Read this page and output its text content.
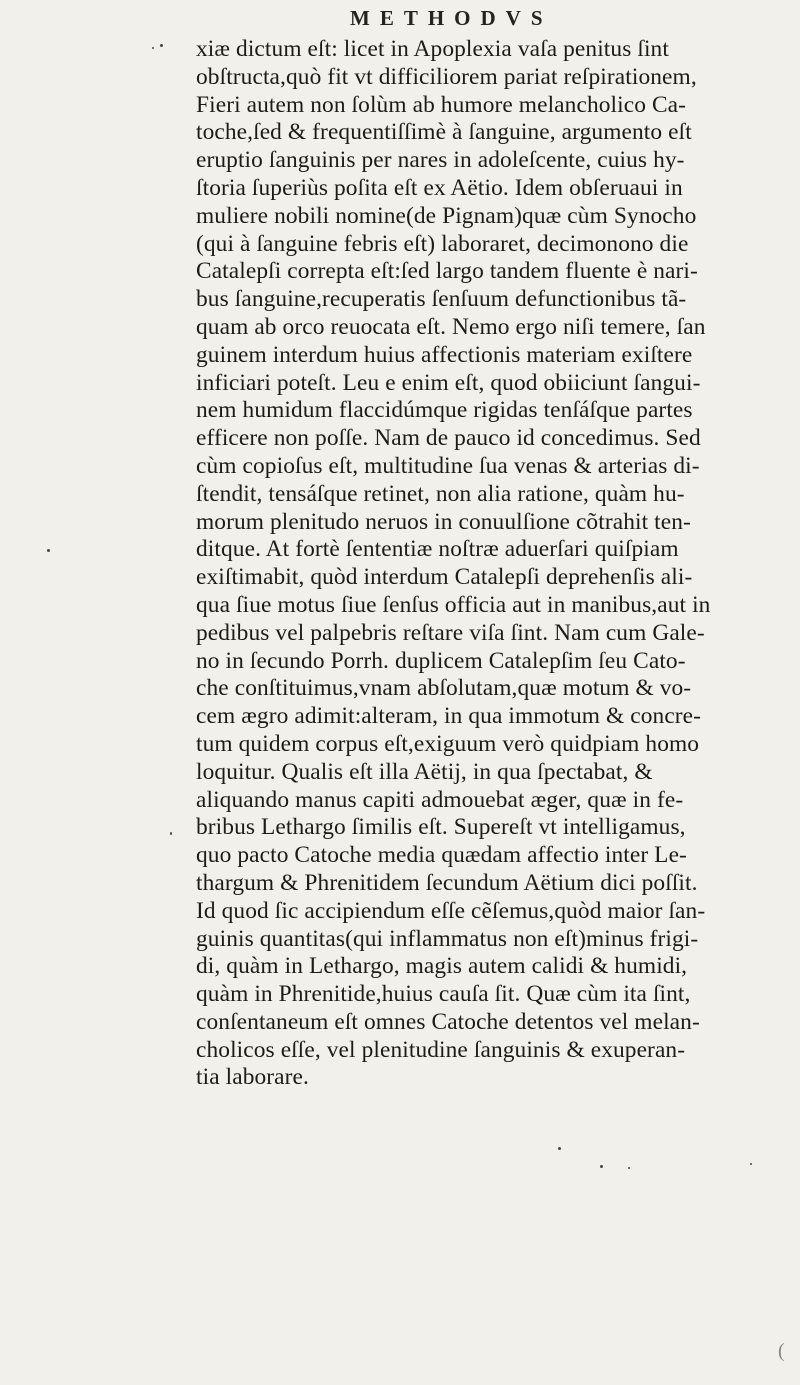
METHODVS
xiæ dictum eſt: licet in Apoplexia vaſa penitus ſint
obſtructa,quò fit vt difficiliorem pariat reſpirationem,
Fieri autem non ſolùm ab humore melancholico Ca-
toche,ſed & frequentiſſimè à ſanguine, argumento eſt
eruptio ſanguinis per nares in adoleſcente, cuius hy-
ſtoria ſuperiùs poſita eſt ex Aëtio. Idem obſeruaui in
muliere nobili nomine(de Pignam)quæ cùm Synocho
(qui à ſanguine febris eſt) laboraret, decimonono die
Catalepſi correpta eſt:ſed largo tandem fluente è nari-
bus ſanguine,recuperatis ſenſuum defunctionibus tã-
quam ab orco reuocata eſt. Nemo ergo niſi temere, ſan
guinem interdum huius affectionis materiam exiſtere
inficiari poteſt. Leu e enim eſt, quod obiiciunt ſangui-
nem humidum flaccidúmque rigidas tenſáſque partes
efficere non poſſe. Nam de pauco id concedimus. Sed
cùm copioſus eſt, multitudine ſua venas & arterias di-
ſtendit, tensáſque retinet, non alia ratione, quàm hu-
morum plenitudo neruos in conuulſione cõtrahit ten-
ditque. At fortè ſententiæ noſtræ aduerſari quiſpiam
exiſtimabit, quòd interdum Catalepſi deprehenſis ali-
qua ſiue motus ſiue ſenſus officia aut in manibus,aut in
pedibus vel palpebris reſtare viſa ſint. Nam cum Gale-
no in ſecundo Porrh. duplicem Catalepſim ſeu Cato-
che conſtituimus,vnam abſolutam,quæ motum & vo-
cem ægro adimit:alteram, in qua immotum & concre-
tum quidem corpus eſt,exiguum verò quidpiam homo
loquitur. Qualis eſt illa Aëtij, in qua ſpectabat, &
aliquando manus capiti admouebat æger, quæ in fe-
bribus Lethargo ſimilis eſt. Supereſt vt intelligamus,
quo pacto Catoche media quædam affectio inter Le-
thargum & Phrenitidem ſecundum Aëtium dici poſſit.
Id quod ſic accipiendum eſſe cẽſemus,quòd maior ſan-
guinis quantitas(qui inflammatus non eſt)minus frigi-
di, quàm in Lethargo, magis autem calidi & humidi,
quàm in Phrenitide,huius cauſa ſit. Quæ cùm ita ſint,
conſentaneum eſt omnes Catoche detentos vel melan-
cholicos eſſe, vel plenitudine ſanguinis & exuperan-
tia laborare.
(
